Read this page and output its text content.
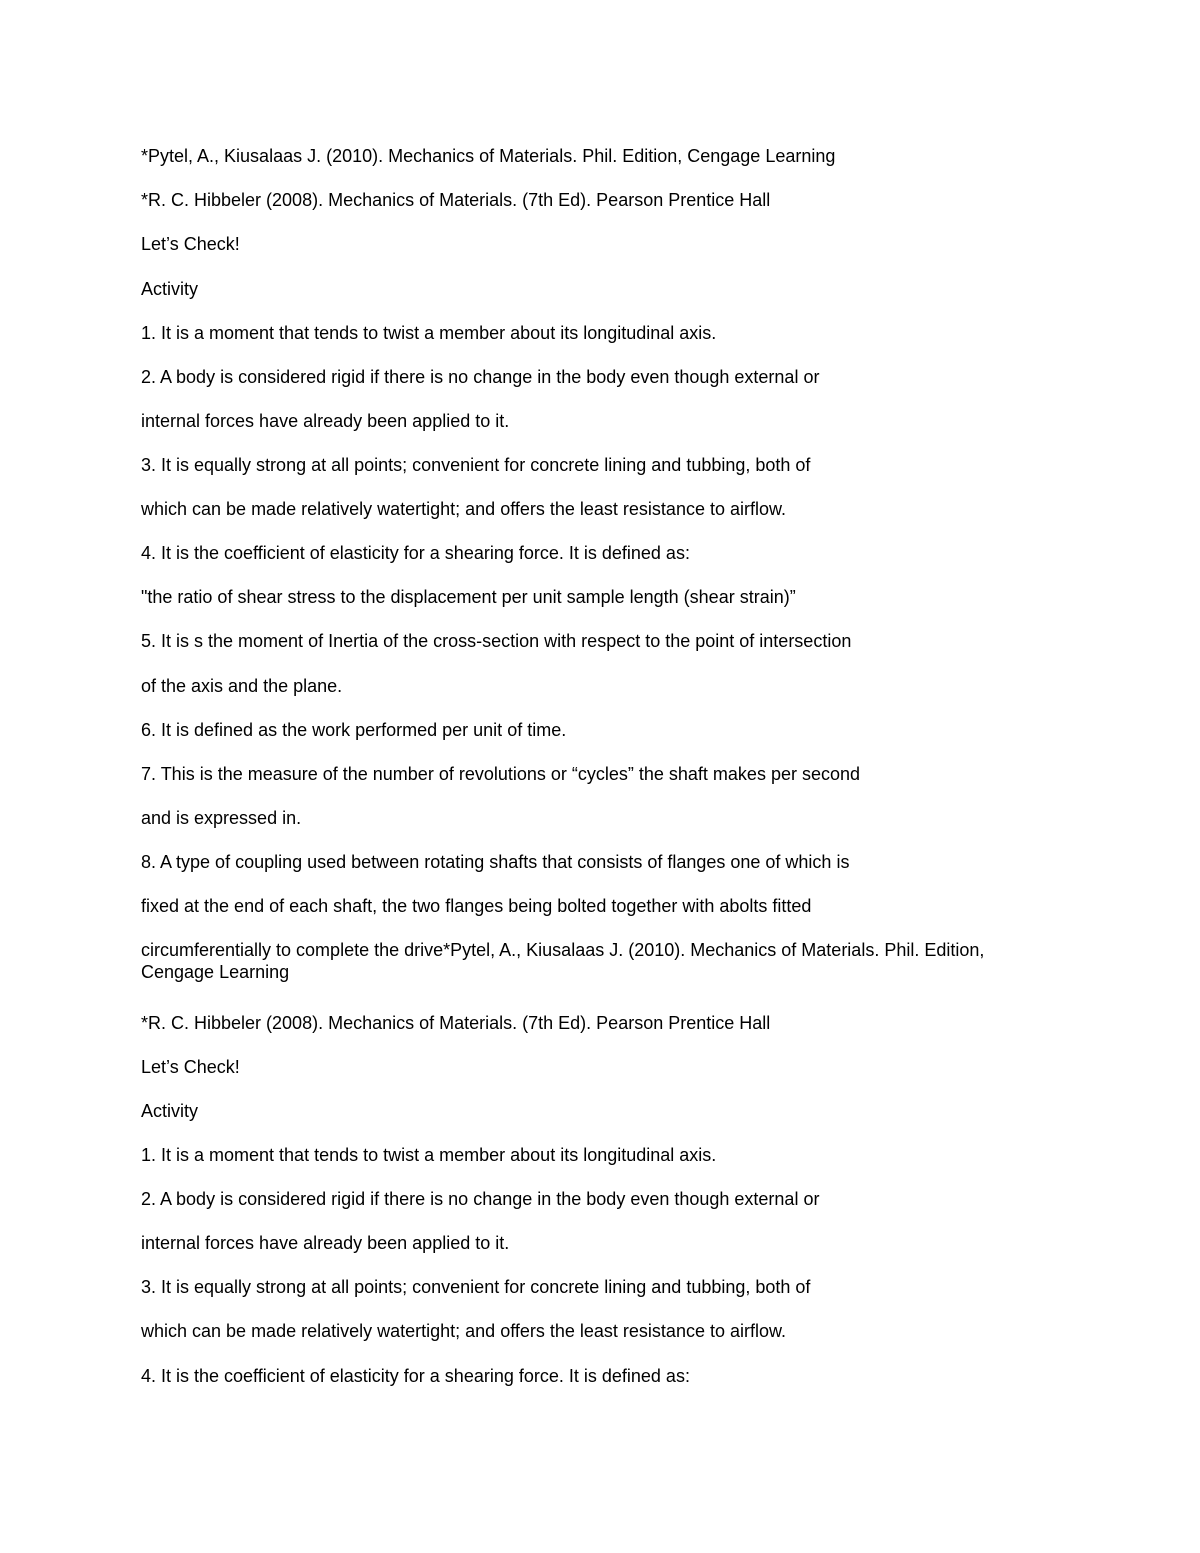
*Pytel, A., Kiusalaas J. (2010). Mechanics of Materials. Phil. Edition, Cengage Learning

*R. C. Hibbeler (2008). Mechanics of Materials. (7th Ed). Pearson Prentice Hall

Let’s Check!

Activity

1. It is a moment that tends to twist a member about its longitudinal axis.

2. A body is considered rigid if there is no change in the body even though external or

internal forces have already been applied to it.

3. It is equally strong at all points; convenient for concrete lining and tubbing, both of

which can be made relatively watertight; and offers the least resistance to airflow.

4. It is the coefficient of elasticity for a shearing force. It is defined as:

"the ratio of shear stress to the displacement per unit sample length (shear strain)”

5. It is s the moment of Inertia of the cross-section with respect to the point of intersection

of the axis and the plane.

6. It is defined as the work performed per unit of time.

7. This is the measure of the number of revolutions or “cycles” the shaft makes per second

and is expressed in.

8. A type of coupling used between rotating shafts that consists of flanges one of which is

fixed at the end of each shaft, the two flanges being bolted together with abolts fitted

circumferentially to complete the drive*Pytel, A., Kiusalaas J. (2010). Mechanics of Materials. Phil. Edition, Cengage Learning

*R. C. Hibbeler (2008). Mechanics of Materials. (7th Ed). Pearson Prentice Hall

Let’s Check!

Activity

1. It is a moment that tends to twist a member about its longitudinal axis.

2. A body is considered rigid if there is no change in the body even though external or

internal forces have already been applied to it.

3. It is equally strong at all points; convenient for concrete lining and tubbing, both of

which can be made relatively watertight; and offers the least resistance to airflow.

4. It is the coefficient of elasticity for a shearing force. It is defined as:
